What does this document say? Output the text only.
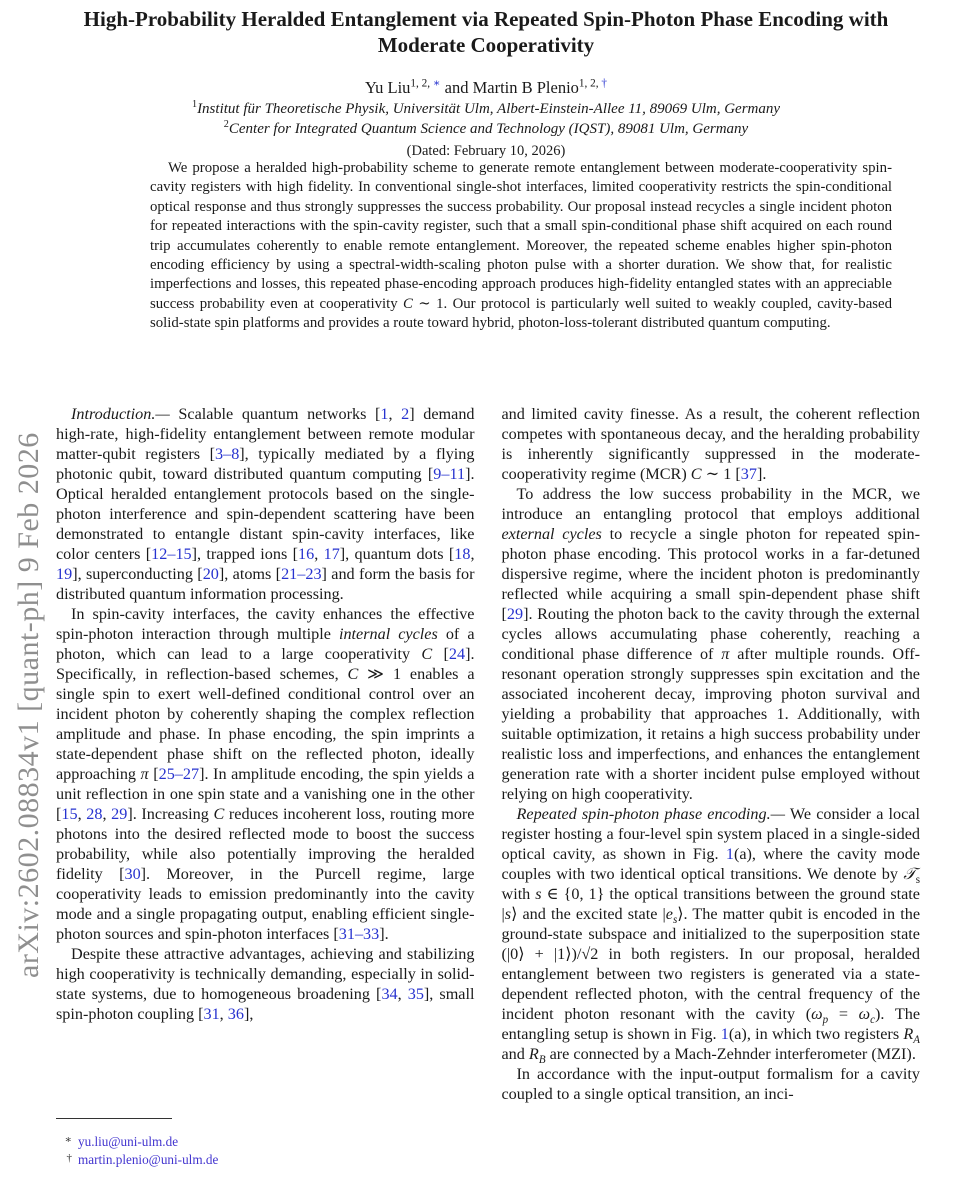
arXiv:2602.08834v1 [quant-ph] 9 Feb 2026
High-Probability Heralded Entanglement via Repeated Spin-Photon Phase Encoding with Moderate Cooperativity
Yu Liu$^{1, 2, ∗}$ and Martin B Plenio$^{1, 2, \dagger}$
$^1$Institut für Theoretische Physik, Universität Ulm, Albert-Einstein-Allee 11, 89069 Ulm, Germany
$^2$Center for Integrated Quantum Science and Technology (IQST), 89081 Ulm, Germany
(Dated: February 10, 2026)
We propose a heralded high-probability scheme to generate remote entanglement between moderate-cooperativity spin-cavity registers with high fidelity. In conventional single-shot interfaces, limited cooperativity restricts the spin-conditional optical response and thus strongly suppresses the success probability. Our proposal instead recycles a single incident photon for repeated interactions with the spin-cavity register, such that a small spin-conditional phase shift acquired on each round trip accumulates coherently to enable remote entanglement. Moreover, the repeated scheme enables higher spin-photon encoding efficiency by using a spectral-width-scaling photon pulse with a shorter duration. We show that, for realistic imperfections and losses, this repeated phase-encoding approach produces high-fidelity entangled states with an appreciable success probability even at cooperativity C ∼ 1. Our protocol is particularly well suited to weakly coupled, cavity-based solid-state spin platforms and provides a route toward hybrid, photon-loss-tolerant distributed quantum computing.

Introduction.— Scalable quantum networks [1, 2] demand high-rate, high-fidelity entanglement between remote modular matter-qubit registers [3–8], typically mediated by a flying photonic qubit, toward distributed quantum computing [9–11]. Optical heralded entanglement protocols based on the single-photon interference and spin-dependent scattering have been demonstrated to entangle distant spin-cavity interfaces, like color centers [12–15], trapped ions [16, 17], quantum dots [18, 19], superconducting [20], atoms [21–23] and form the basis for distributed quantum information processing.

In spin-cavity interfaces, the cavity enhances the effective spin-photon interaction through multiple internal cycles of a photon, which can lead to a large cooperativity C [24]. Specifically, in reflection-based schemes, C ≫ 1 enables a single spin to exert well-defined conditional control over an incident photon by coherently shaping the complex reflection amplitude and phase. In phase encoding, the spin imprints a state-dependent phase shift on the reflected photon, ideally approaching π [25–27]. In amplitude encoding, the spin yields a unit reflection in one spin state and a vanishing one in the other [15, 28, 29]. Increasing C reduces incoherent loss, routing more photons into the desired reflected mode to boost the success probability, while also potentially improving the heralded fidelity [30]. Moreover, in the Purcell regime, large cooperativity leads to emission predominantly into the cavity mode and a single propagating output, enabling efficient single-photon sources and spin-photon interfaces [31–33].

Despite these attractive advantages, achieving and stabilizing high cooperativity is technically demanding, especially in solid-state systems, due to homogeneous broadening [34, 35], small spin-photon coupling [31, 36],

and limited cavity finesse. As a result, the coherent reflection competes with spontaneous decay, and the heralding probability is inherently significantly suppressed in the moderate-cooperativity regime (MCR) C ∼ 1 [37].

To address the low success probability in the MCR, we introduce an entangling protocol that employs additional external cycles to recycle a single photon for repeated spin-photon phase encoding. This protocol works in a far-detuned dispersive regime, where the incident photon is predominantly reflected while acquiring a small spin-dependent phase shift [29]. Routing the photon back to the cavity through the external cycles allows accumulating phase coherently, reaching a conditional phase difference of π after multiple rounds. Off-resonant operation strongly suppresses spin excitation and the associated incoherent decay, improving photon survival and yielding a probability that approaches 1. Additionally, with suitable optimization, it retains a high success probability under realistic loss and imperfections, and enhances the entanglement generation rate with a shorter incident pulse employed without relying on high cooperativity.

Repeated spin-photon phase encoding.— We consider a local register hosting a four-level spin system placed in a single-sided optical cavity, as shown in Fig. 1(a), where the cavity mode couples with two identical optical transitions. We denote by 𝒯$_s$ with s ∈ {0, 1} the optical transitions between the ground state |s⟩ and the excited state $|e_s⟩$. The matter qubit is encoded in the ground-state subspace and initialized to the superposition state (|0⟩ + |1⟩)/√2 in both registers. In our proposal, heralded entanglement between two registers is generated via a state-dependent reflected photon, with the central frequency of the incident photon resonant with the cavity $(\omega_p = \omega_c)$. The entangling setup is shown in Fig. 1(a), in which two registers $R_A$ and $R_B$ are connected by a Mach-Zehnder interferometer (MZI).

In accordance with the input-output formalism for a cavity coupled to a single optical transition, an inci-

∗ yu.liu@uni-ulm.de
† martin.plenio@uni-ulm.de
